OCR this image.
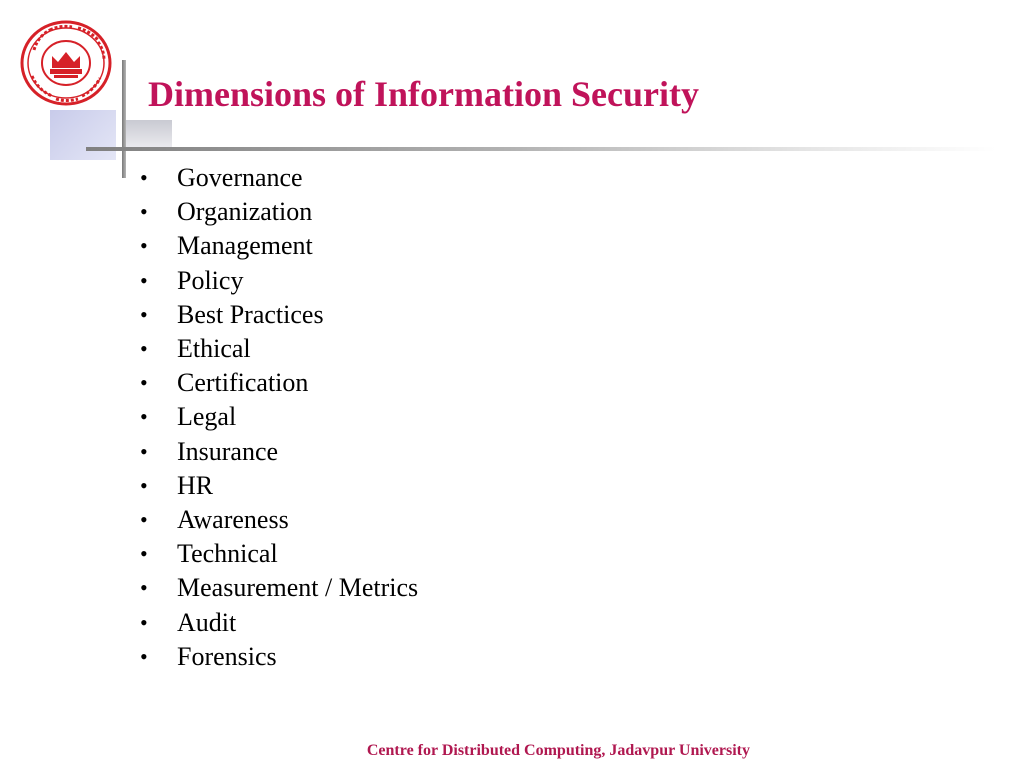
Dimensions of Information Security
•	Governance
•	Organization
•	Management
•	Policy
•	Best Practices
•	Ethical
•	Certification
•	Legal
•	Insurance
•	HR
•	Awareness
•	Technical
•	Measurement / Metrics
•	Audit
•	Forensics
Centre for Distributed Computing, Jadavpur University
